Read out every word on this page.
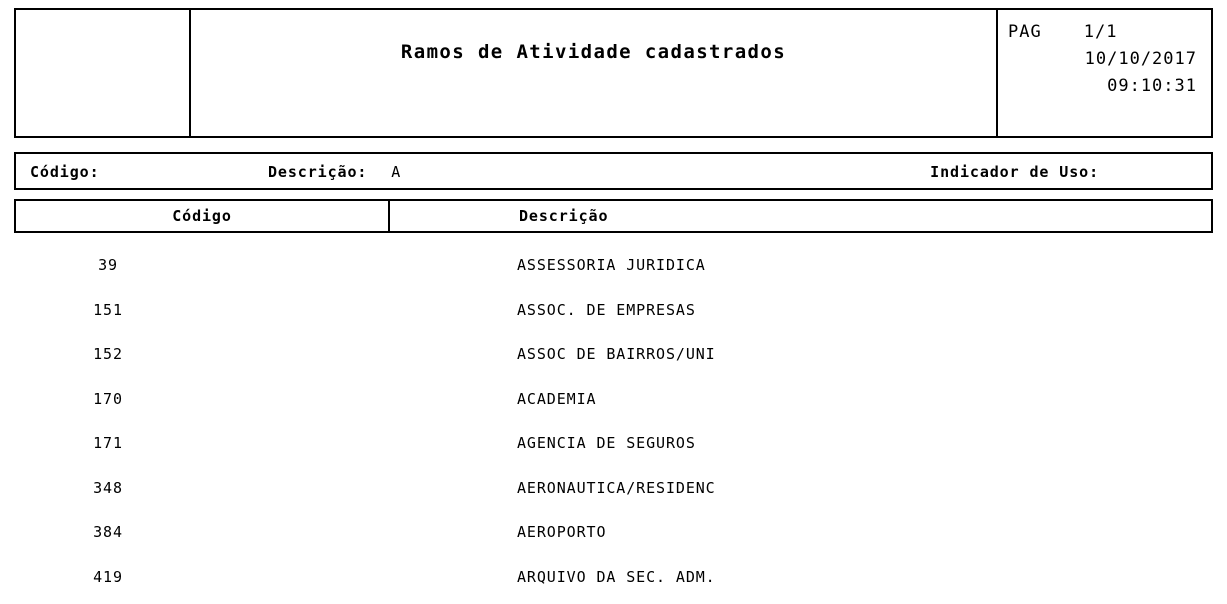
Ramos de Atividade cadastrados
PAG 1/1
10/10/2017
09:10:31
Código:	Descrição: A	Indicador de Uso:
Código	Descrição
39	ASSESSORIA JURIDICA
151	ASSOC. DE EMPRESAS
152	ASSOC DE BAIRROS/UNI
170	ACADEMIA
171	AGENCIA DE SEGUROS
348	AERONAUTICA/RESIDENC
384	AEROPORTO
419	ARQUIVO DA SEC. ADM.
